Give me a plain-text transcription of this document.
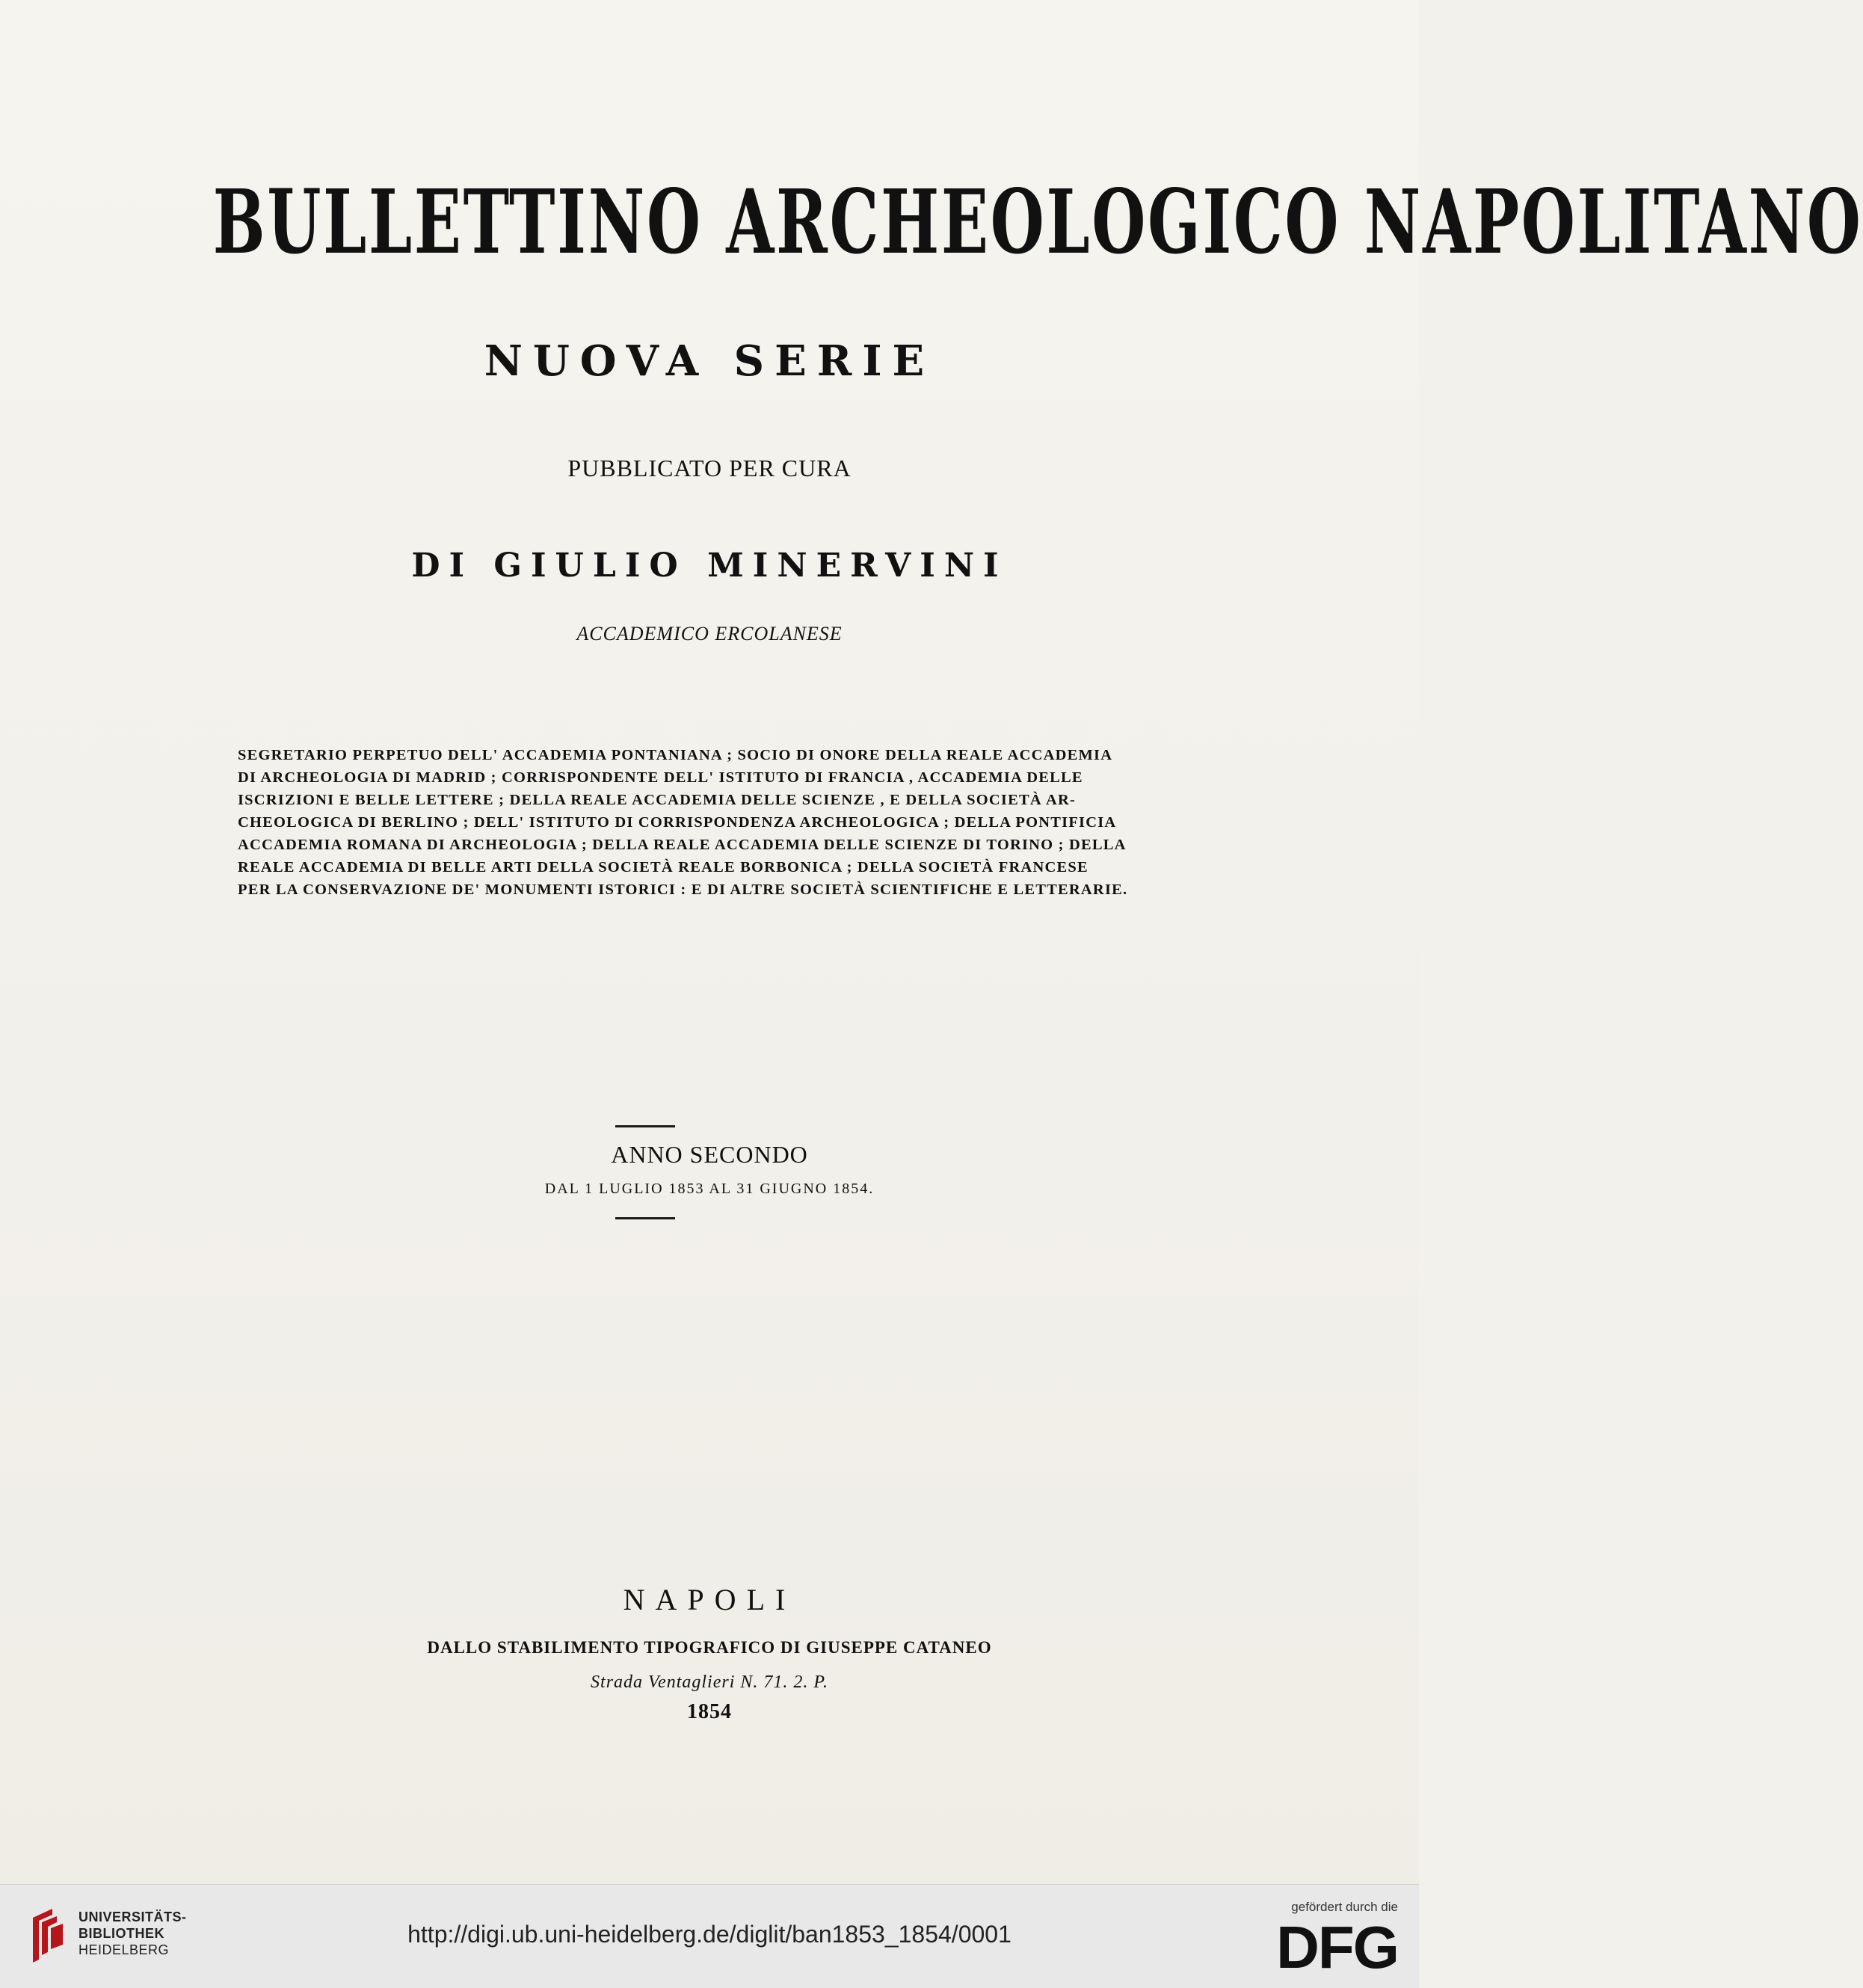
BULLETTINO ARCHEOLOGICO NAPOLITANO
NUOVA SERIE
PUBBLICATO PER CURA
DI GIULIO MINERVINI
ACCADEMICO ERCOLANESE
SEGRETARIO PERPETUO DELL' ACCADEMIA PONTANIANA ; SOCIO DI ONORE DELLA REALE ACCADEMIA
DI ARCHEOLOGIA DI MADRID ; CORRISPONDENTE DELL' ISTITUTO DI FRANCIA , ACCADEMIA DELLE
ISCRIZIONI E BELLE LETTERE ; DELLA REALE ACCADEMIA DELLE SCIENZE , E DELLA SOCIETÀ AR-
CHEOLOGICA DI BERLINO ; DELL' ISTITUTO DI CORRISPONDENZA ARCHEOLOGICA ; DELLA PONTIFICIA
ACCADEMIA ROMANA DI ARCHEOLOGIA ; DELLA REALE ACCADEMIA DELLE SCIENZE DI TORINO ; DELLA
REALE ACCADEMIA DI BELLE ARTI DELLA SOCIETÀ REALE BORBONICA ; DELLA SOCIETÀ FRANCESE
PER LA CONSERVAZIONE DE' MONUMENTI ISTORICI : E DI ALTRE SOCIETÀ SCIENTIFICHE E LETTERARIE.
ANNO SECONDO
DAL 1 LUGLIO 1853 AL 31 GIUGNO 1854.
NAPOLI
DALLO STABILIMENTO TIPOGRAFICO DI GIUSEPPE CATANEO
Strada Ventaglieri N. 71. 2. P.
1854
UNIVERSITÄTS-
BIBLIOTHEK
HEIDELBERG
http://digi.ub.uni-heidelberg.de/diglit/ban1853_1854/0001
gefördert durch die
DFG
